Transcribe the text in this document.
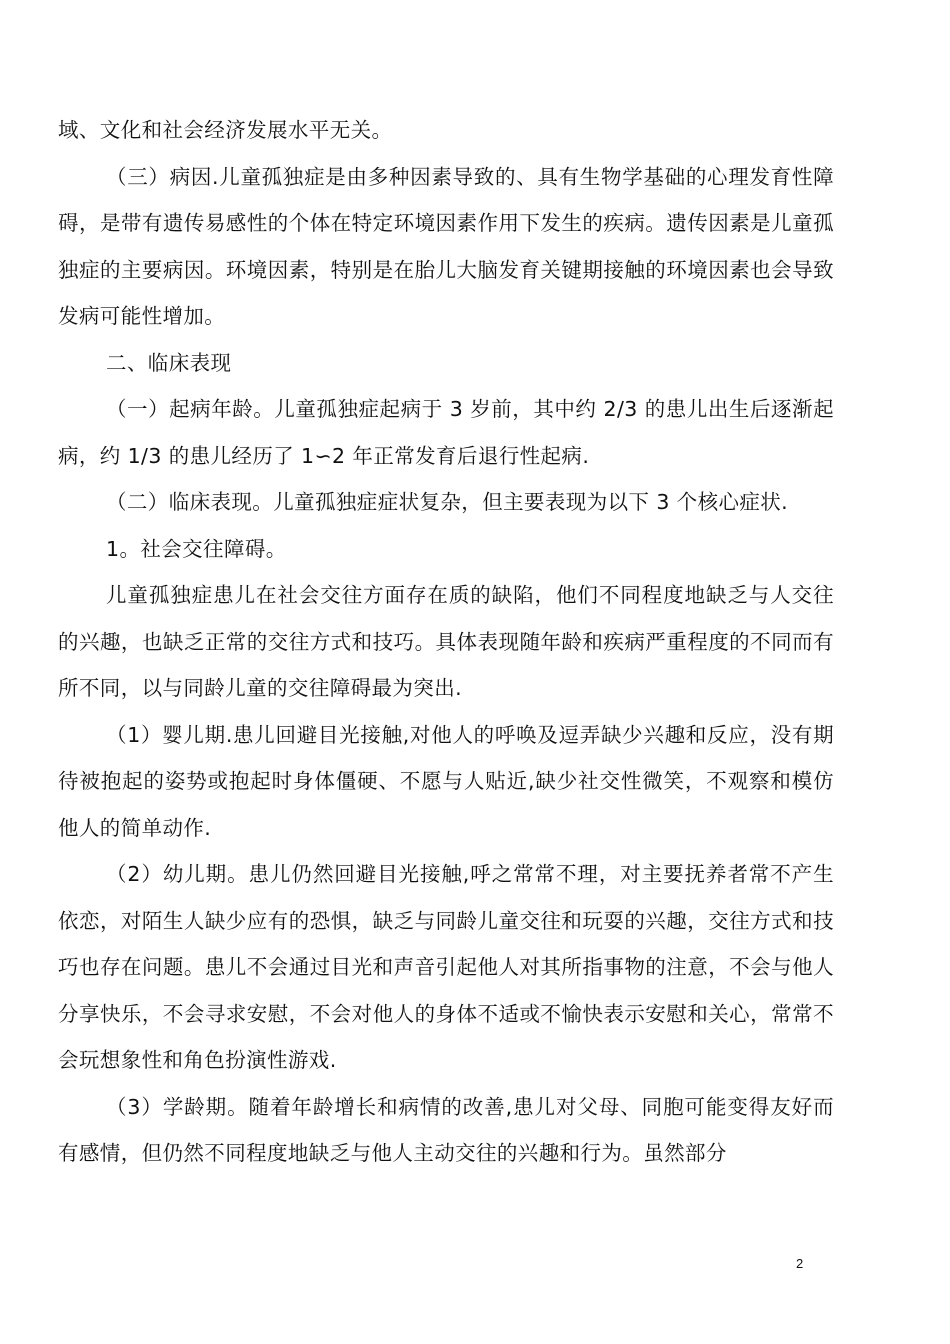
域、文化和社会经济发展水平无关。

（三）病因.儿童孤独症是由多种因素导致的、具有生物学基础的心理发育性障碍，是带有遗传易感性的个体在特定环境因素作用下发生的疾病。遗传因素是儿童孤独症的主要病因。环境因素，特别是在胎儿大脑发育关键期接触的环境因素也会导致发病可能性增加。

二、临床表现

（一）起病年龄。儿童孤独症起病于 3 岁前，其中约 2/3 的患儿出生后逐渐起病，约 1/3 的患儿经历了 1∽2 年正常发育后退行性起病.

（二）临床表现。儿童孤独症症状复杂，但主要表现为以下 3 个核心症状.

1。社会交往障碍。

儿童孤独症患儿在社会交往方面存在质的缺陷，他们不同程度地缺乏与人交往的兴趣，也缺乏正常的交往方式和技巧。具体表现随年龄和疾病严重程度的不同而有所不同，以与同龄儿童的交往障碍最为突出.

（1）婴儿期.患儿回避目光接触,对他人的呼唤及逗弄缺少兴趣和反应，没有期待被抱起的姿势或抱起时身体僵硬、不愿与人贴近,缺少社交性微笑，不观察和模仿他人的简单动作.

（2）幼儿期。患儿仍然回避目光接触,呼之常常不理，对主要抚养者常不产生依恋，对陌生人缺少应有的恐惧，缺乏与同龄儿童交往和玩耍的兴趣，交往方式和技巧也存在问题。患儿不会通过目光和声音引起他人对其所指事物的注意，不会与他人分享快乐，不会寻求安慰，不会对他人的身体不适或不愉快表示安慰和关心，常常不会玩想象性和角色扮演性游戏.

（3）学龄期。随着年龄增长和病情的改善,患儿对父母、同胞可能变得友好而有感情，但仍然不同程度地缺乏与他人主动交往的兴趣和行为。虽然部分

2
